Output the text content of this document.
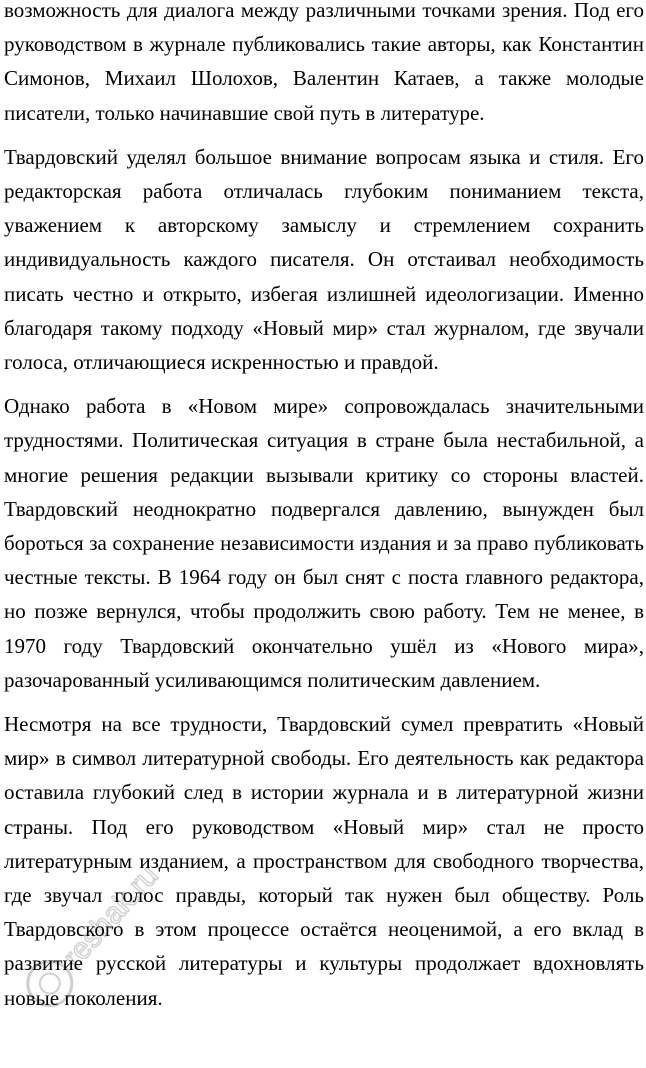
возможность для диалога между различными точками зрения. Под его руководством в журнале публиковались такие авторы, как Константин Симонов, Михаил Шолохов, Валентин Катаев, а также молодые писатели, только начинавшие свой путь в литературе.

Твардовский уделял большое внимание вопросам языка и стиля. Его редакторская работа отличалась глубоким пониманием текста, уважением к авторскому замыслу и стремлением сохранить индивидуальность каждого писателя. Он отстаивал необходимость писать честно и открыто, избегая излишней идеологизации. Именно благодаря такому подходу «Новый мир» стал журналом, где звучали голоса, отличающиеся искренностью и правдой.

Однако работа в «Новом мире» сопровождалась значительными трудностями. Политическая ситуация в стране была нестабильной, а многие решения редакции вызывали критику со стороны властей. Твардовский неоднократно подвергался давлению, вынужден был бороться за сохранение независимости издания и за право публиковать честные тексты. В 1964 году он был снят с поста главного редактора, но позже вернулся, чтобы продолжить свою работу. Тем не менее, в 1970 году Твардовский окончательно ушёл из «Нового мира», разочарованный усиливающимся политическим давлением.

Несмотря на все трудности, Твардовский сумел превратить «Новый мир» в символ литературной свободы. Его деятельность как редактора оставила глубокий след в истории журнала и в литературной жизни страны. Под его руководством «Новый мир» стал не просто литературным изданием, а пространством для свободного творчества, где звучал голос правды, который так нужен был обществу. Роль Твардовского в этом процессе остаётся неоценимой, а его вклад в развитие русской литературы и культуры продолжает вдохновлять новые поколения.

reshak.ru
